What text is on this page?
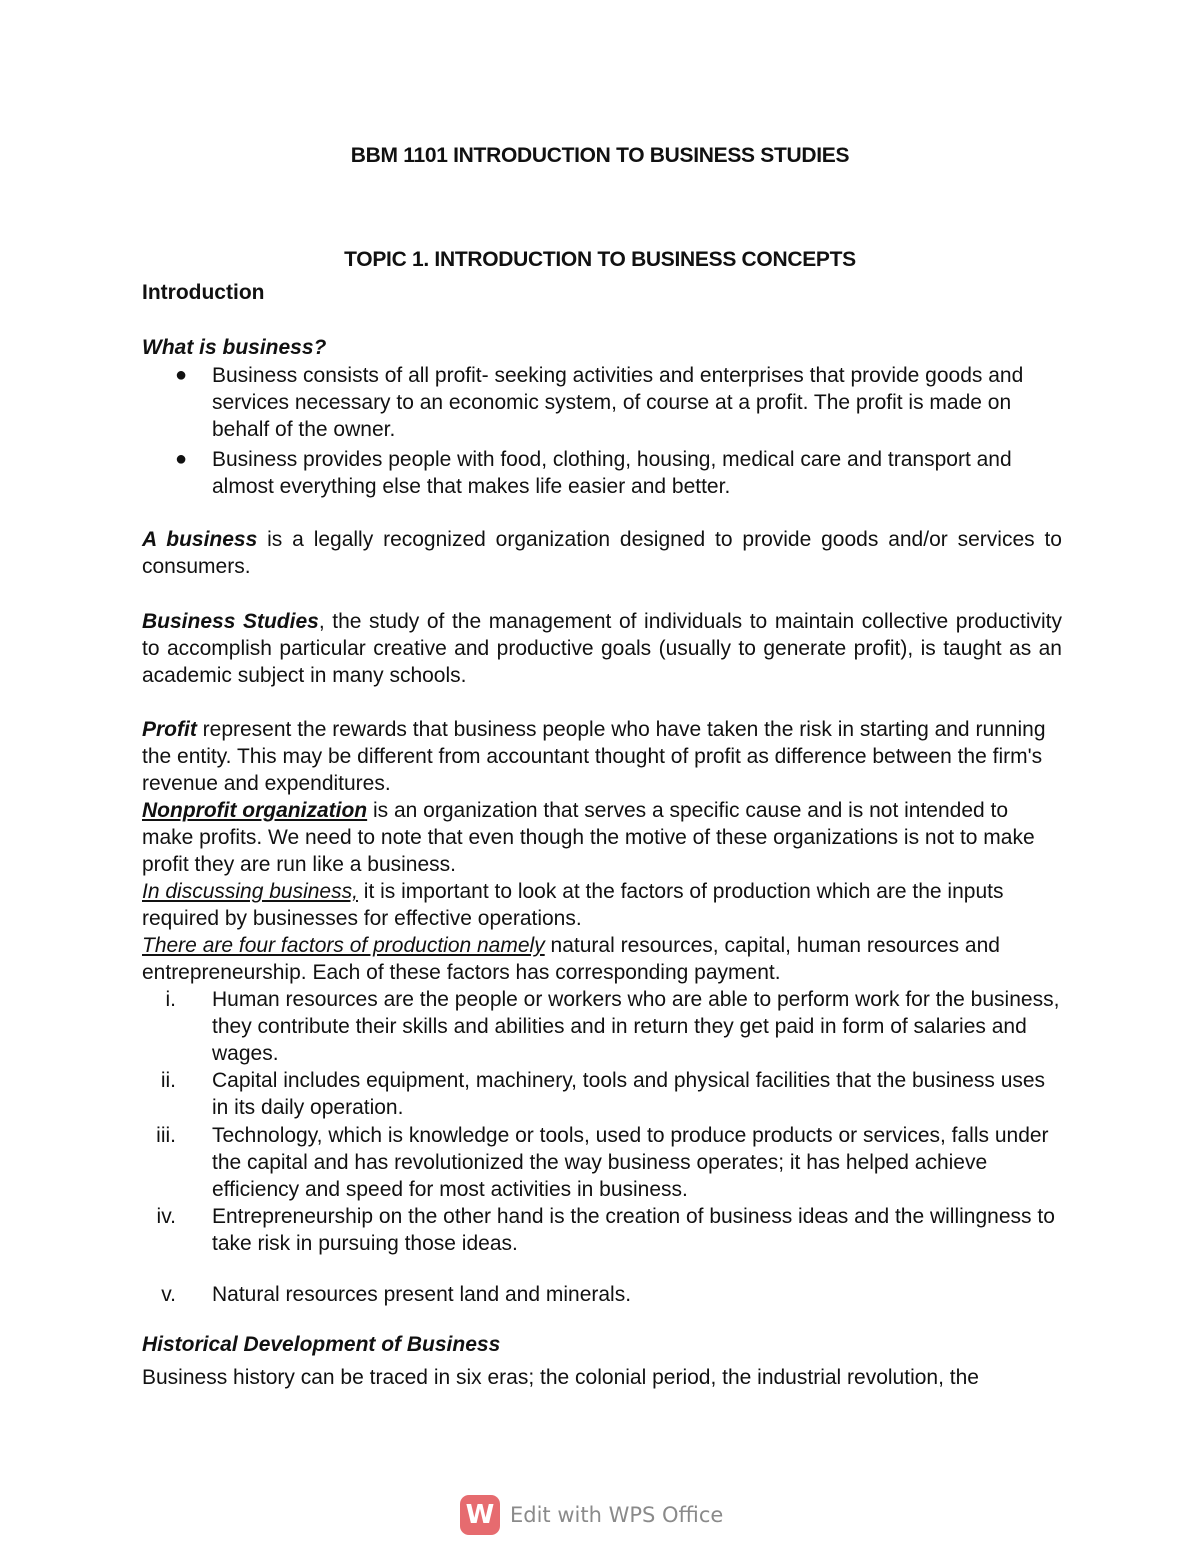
BBM 1101 INTRODUCTION TO BUSINESS STUDIES
TOPIC 1. INTRODUCTION TO BUSINESS CONCEPTS
Introduction
What is business?
● Business consists of all profit- seeking activities and enterprises that provide goods and services necessary to an economic system, of course at a profit. The profit is made on behalf of the owner.

● Business provides people with food, clothing, housing, medical care and transport and almost everything else that makes life easier and better.

A business is a legally recognized organization designed to provide goods and/or services to consumers.

Business Studies, the study of the management of individuals to maintain collective productivity to accomplish particular creative and productive goals (usually to generate profit), is taught as an academic subject in many schools.

Profit represent the rewards that business people who have taken the risk in starting and running the entity. This may be different from accountant thought of profit as difference between the firm's revenue and expenditures.

Nonprofit organization is an organization that serves a specific cause and is not intended to make profits. We need to note that even though the motive of these organizations is not to make profit they are run like a business.

In discussing business, it is important to look at the factors of production which are the inputs required by businesses for effective operations.

There are four factors of production namely natural resources, capital, human resources and entrepreneurship. Each of these factors has corresponding payment.

i. Human resources are the people or workers who are able to perform work for the business, they contribute their skills and abilities and in return they get paid in form of salaries and wages.

ii. Capital includes equipment, machinery, tools and physical facilities that the business uses in its daily operation.

iii. Technology, which is knowledge or tools, used to produce products or services, falls under the capital and has revolutionized the way business operates; it has helped achieve efficiency and speed for most activities in business.

iv. Entrepreneurship on the other hand is the creation of business ideas and the willingness to take risk in pursuing those ideas.

v. Natural resources present land and minerals.

Historical Development of Business

Business history can be traced in six eras; the colonial period, the industrial revolution, the

W Edit with WPS Office
